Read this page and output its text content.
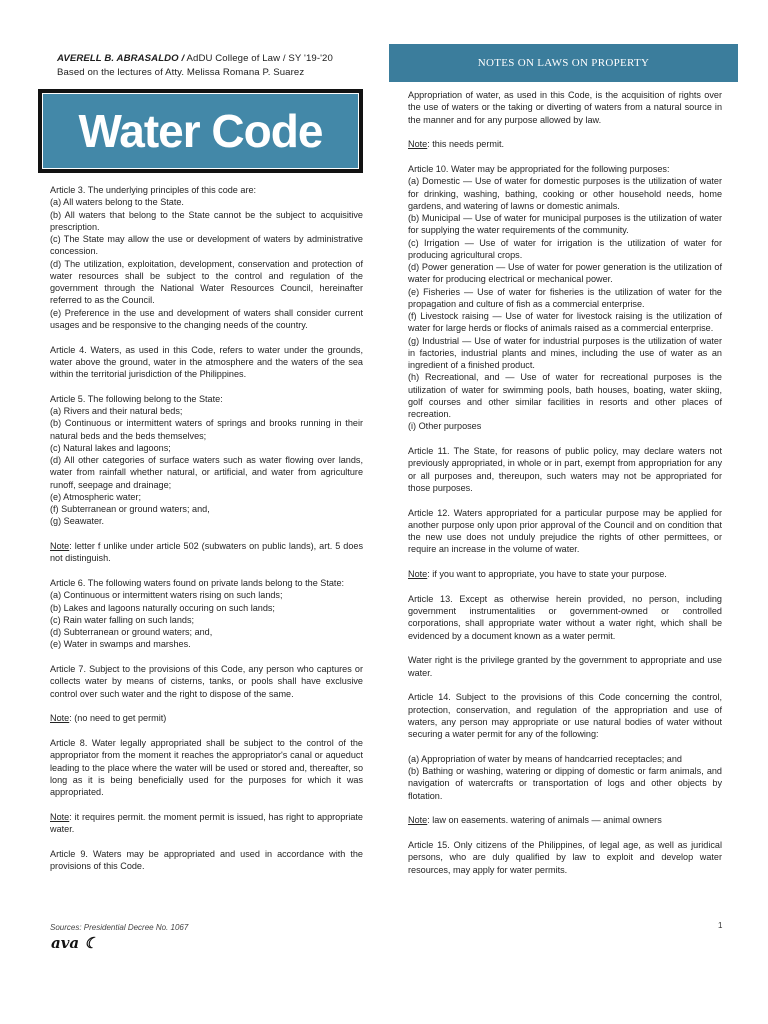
AVERELL B. ABRASALDO / AdDU College of Law / SY '19-'20
Based on the lectures of Atty. Melissa Romana P. Suarez
NOTES ON LAWS ON PROPERTY
Water Code
Article 3. The underlying principles of this code are:
(a) All waters belong to the State.
(b) All waters that belong to the State cannot be the subject to acquisitive prescription.
(c) The State may allow the use or development of waters by administrative concession.
(d) The utilization, exploitation, development, conservation and protection of water resources shall be subject to the control and regulation of the government through the National Water Resources Council, hereinafter referred to as the Council.
(e) Preference in the use and development of waters shall consider current usages and be responsive to the changing needs of the country.
Article 4. Waters, as used in this Code, refers to water under the grounds, water above the ground, water in the atmosphere and the waters of the sea within the territorial jurisdiction of the Philippines.
Article 5. The following belong to the State:
(a) Rivers and their natural beds;
(b) Continuous or intermittent waters of springs and brooks running in their natural beds and the beds themselves;
(c) Natural lakes and lagoons;
(d) All other categories of surface waters such as water flowing over lands, water from rainfall whether natural, or artificial, and water from agriculture runoff, seepage and drainage;
(e) Atmospheric water;
(f) Subterranean or ground waters; and,
(g) Seawater.
Note: letter f unlike under article 502 (subwaters on public lands), art. 5 does not distinguish.
Article 6. The following waters found on private lands belong to the State:
(a) Continuous or intermittent waters rising on such lands;
(b) Lakes and lagoons naturally occuring on such lands;
(c) Rain water falling on such lands;
(d) Subterranean or ground waters; and,
(e) Water in swamps and marshes.
Article 7. Subject to the provisions of this Code, any person who captures or collects water by means of cisterns, tanks, or pools shall have exclusive control over such water and the right to dispose of the same.
Note: (no need to get permit)
Article 8. Water legally appropriated shall be subject to the control of the appropriator from the moment it reaches the appropriator's canal or aqueduct leading to the place where the water will be used or stored and, thereafter, so long as it is being beneficially used for the purposes for which it was appropriated.
Note: it requires permit. the moment permit is issued, has right to appropriate water.
Article 9. Waters may be appropriated and used in accordance with the provisions of this Code.
Appropriation of water, as used in this Code, is the acquisition of rights over the use of waters or the taking or diverting of waters from a natural source in the manner and for any purpose allowed by law.
Note: this needs permit.
Article 10. Water may be appropriated for the following purposes:
(a) Domestic — Use of water for domestic purposes is the utilization of water for drinking, washing, bathing, cooking or other household needs, home gardens, and watering of lawns or domestic animals.
(b) Municipal — Use of water for municipal purposes is the utilization of water for supplying the water requirements of the community.
(c) Irrigation — Use of water for irrigation is the utilization of water for producing agricultural crops.
(d) Power generation — Use of water for power generation is the utilization of water for producing electrical or mechanical power.
(e) Fisheries — Use of water for fisheries is the utilization of water for the propagation and culture of fish as a commercial enterprise.
(f) Livestock raising — Use of water for livestock raising is the utilization of water for large herds or flocks of animals raised as a commercial enterprise.
(g) Industrial — Use of water for industrial purposes is the utilization of water in factories, industrial plants and mines, including the use of water as an ingredient of a finished product.
(h) Recreational, and — Use of water for recreational purposes is the utilization of water for swimming pools, bath houses, boating, water skiing, golf courses and other similar facilities in resorts and other places of recreation.
(i) Other purposes
Article 11. The State, for reasons of public policy, may declare waters not previously appropriated, in whole or in part, exempt from appropriation for any or all purposes and, thereupon, such waters may not be appropriated for those purposes.
Article 12. Waters appropriated for a particular purpose may be applied for another purpose only upon prior approval of the Council and on condition that the new use does not unduly prejudice the rights of other permittees, or require an increase in the volume of water.
Note: if you want to appropriate, you have to state your purpose.
Article 13. Except as otherwise herein provided, no person, including government instrumentalities or government-owned or controlled corporations, shall appropriate water without a water right, which shall be evidenced by a document known as a water permit.
Water right is the privilege granted by the government to appropriate and use water.
Article 14. Subject to the provisions of this Code concerning the control, protection, conservation, and regulation of the appropriation and use of waters, any person may appropriate or use natural bodies of water without securing a water permit for any of the following:
(a) Appropriation of water by means of handcarried receptacles; and
(b) Bathing or washing, watering or dipping of domestic or farm animals, and navigation of watercrafts or transportation of logs and other objects by flotation.
Note: law on easements. watering of animals — animal owners
Article 15. Only citizens of the Philippines, of legal age, as well as juridical persons, who are duly qualified by law to exploit and develop water resources, may apply for water permits.
Sources: Presidential Decree No. 1067
ava ☾
1
